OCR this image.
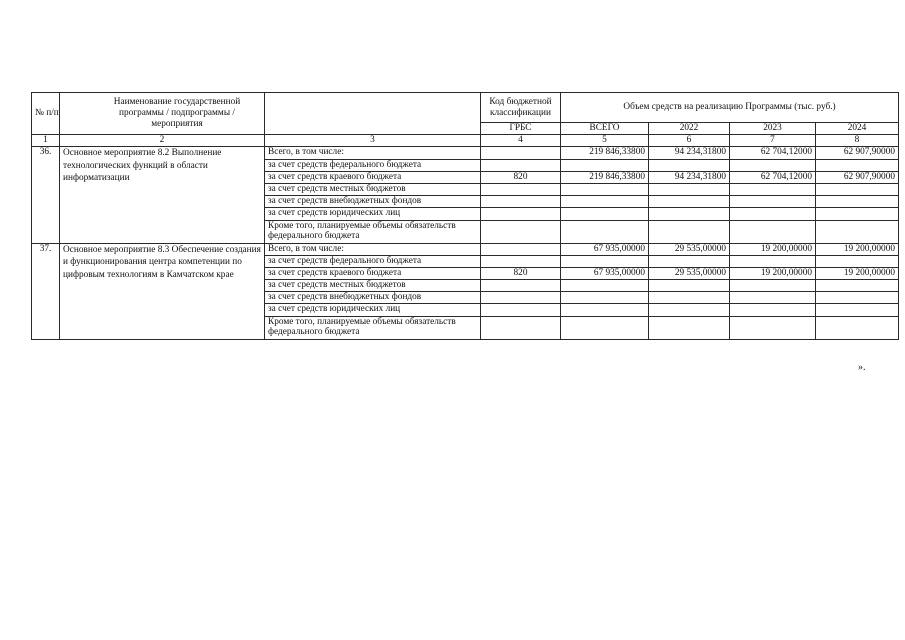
№ п/п	Наименование государственной программы / подпрограммы / мероприятия		Код бюджетной классификации	Объем средств на реализацию Программы (тыс. руб.)			
			ГРБС	ВСЕГО	2022	2023	2024
1	2	3	4	5	6	7	8
36.	Основное мероприятие 8.2 Выполнение технологических функций в области информатизации	Всего, в том числе:		219 846,33800	94 234,31800	62 704,12000	62 907,90000
		за счет средств федерального бюджета					
		за счет средств краевого бюджета	820	219 846,33800	94 234,31800	62 704,12000	62 907,90000
		за счет средств местных бюджетов					
		за счет средств внебюджетных фондов					
		за счет средств юридических лиц					
		Кроме того, планируемые объемы обязательств федерального бюджета					
37.	Основное мероприятие 8.3 Обеспечение создания и функционирования центра компетенции по цифровым технологиям в Камчатском крае	Всего, в том числе:		67 935,00000	29 535,00000	19 200,00000	19 200,00000
		за счет средств федерального бюджета					
		за счет средств краевого бюджета	820	67 935,00000	29 535,00000	19 200,00000	19 200,00000
		за счет средств местных бюджетов					
		за счет средств внебюджетных фондов					
		за счет средств юридических лиц					
		Кроме того, планируемые объемы обязательств федерального бюджета					
».
